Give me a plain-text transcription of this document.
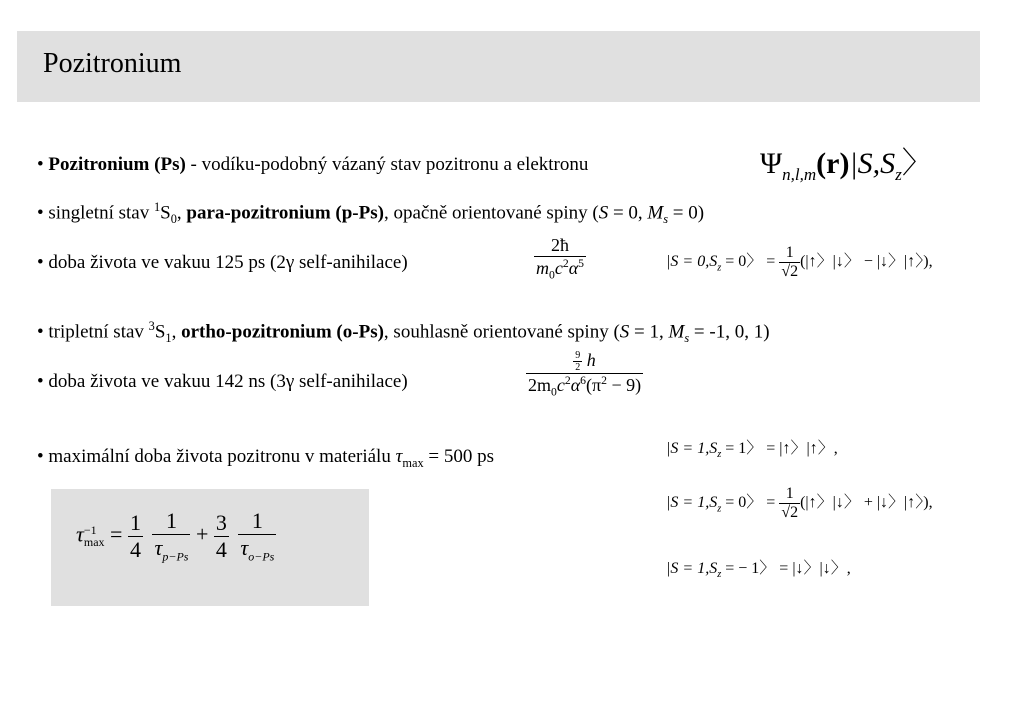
Pozitronium
• Pozitronium (Ps) - vodíku-podobný vázaný stav pozitronu a elektronu	$\Psi_{n,l,m}(r)|S,S_z$〉
• singletní stav $^1S_0$, para-pozitronium (p-Ps), opačně orientované spiny (S = 0, $M_s = 0$)
• doba života ve vakuu 125 ps (2γ self-anihilace)	$\frac{2ħ}{m_0c^2\alpha^5}$	$|S = 0,S_z = 0$〉 = $\frac{1}{√2}$ (|↑〉|↓〉 − |↓〉|↑〉),
• tripletní stav $^3S_1$, ortho-pozitronium (o-Ps), souhlasně orientované spiny (S = 1, $M_s = -1$, 0, 1)
• doba života ve vakuu 142 ns (3γ self-anihilace)	$\frac{\frac{9}{2} h}{2m_0c^2\alpha^6(\pi^2 - 9)}$
• maximální doba života pozitronu v materiálu $\tau_{max} = 500$ ps	$|S = 1,S_z = 1$〉 = |↑〉|↑〉,
$|S = 1,S_z = 0$〉 = $\frac{1}{√2}$ (|↑〉|↓〉 + |↓〉|↑〉),
$|S = 1,S_z$ = − 1〉 = |↓〉|↓〉,
τ −1
$\max = \frac{1}{4}$
$\frac{1}{\tau_{p-Ps}} + \frac{3}{4}$
$\frac{1}{\tau_{o-Ps}}$
